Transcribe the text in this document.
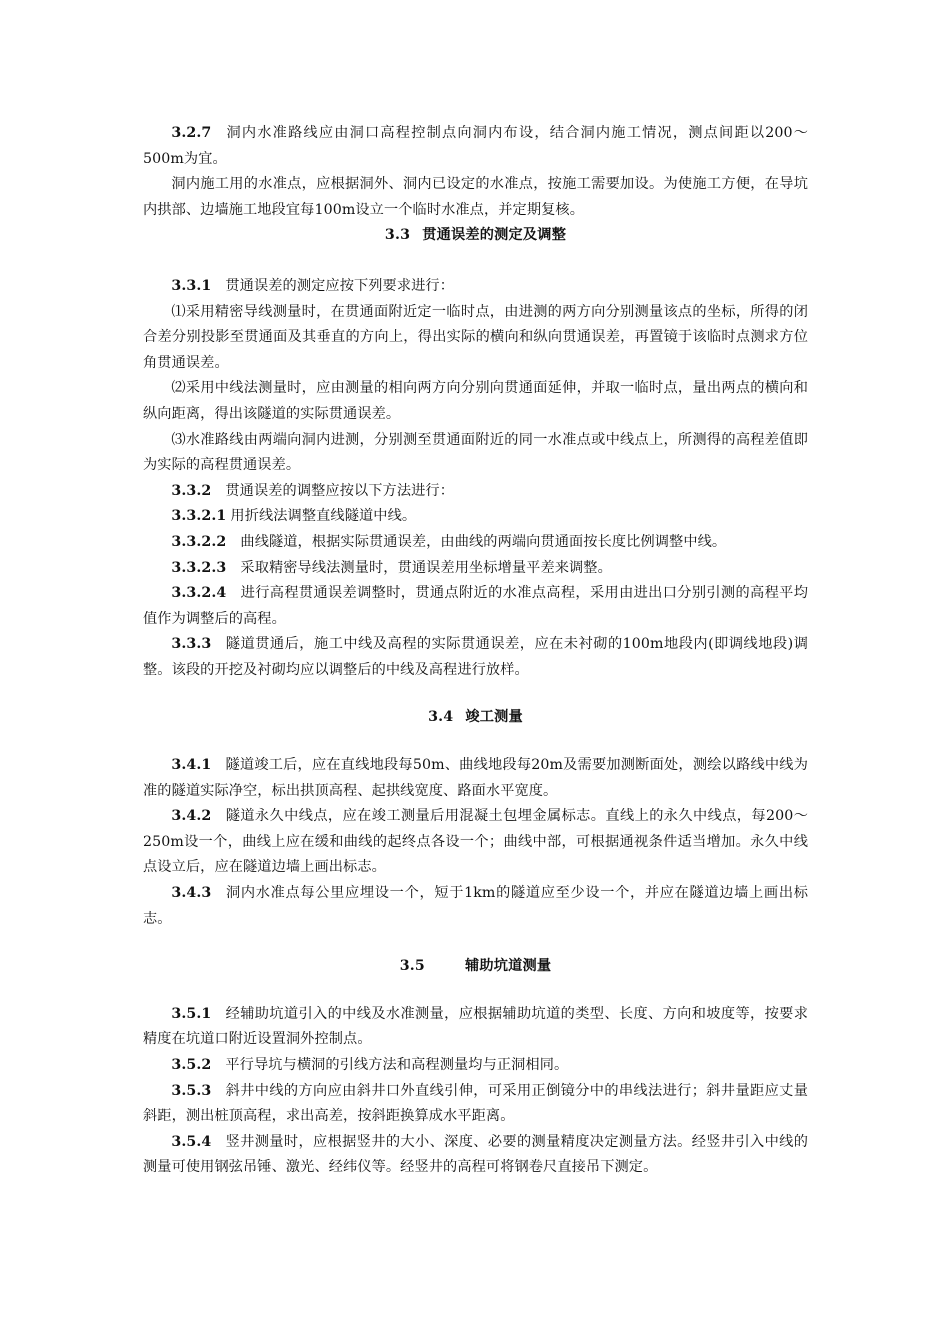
3.2.7 洞内水准路线应由洞口高程控制点向洞内布设，结合洞内施工情况，测点间距以200～500m为宜。

洞内施工用的水准点，应根据洞外、洞内已设定的水准点，按施工需要加设。为使施工方便，在导坑内拱部、边墙施工地段宜每100m设立一个临时水准点，并定期复核。

3.3 贯通误差的测定及调整

3.3.1 贯通误差的测定应按下列要求进行：

⑴采用精密导线测量时，在贯通面附近定一临时点，由进测的两方向分别测量该点的坐标，所得的闭合差分别投影至贯通面及其垂直的方向上，得出实际的横向和纵向贯通误差，再置镜于该临时点测求方位角贯通误差。

⑵采用中线法测量时，应由测量的相向两方向分别向贯通面延伸，并取一临时点，量出两点的横向和纵向距离，得出该隧道的实际贯通误差。

⑶水准路线由两端向洞内进测，分别测至贯通面附近的同一水准点或中线点上，所测得的高程差值即为实际的高程贯通误差。

3.3.2 贯通误差的调整应按以下方法进行：

3.3.2.1 用折线法调整直线隧道中线。

3.3.2.2 曲线隧道，根据实际贯通误差，由曲线的两端向贯通面按长度比例调整中线。

3.3.2.3 采取精密导线法测量时，贯通误差用坐标增量平差来调整。

3.3.2.4 进行高程贯通误差调整时，贯通点附近的水准点高程，采用由进出口分别引测的高程平均值作为调整后的高程。

3.3.3 隧道贯通后，施工中线及高程的实际贯通误差，应在未衬砌的100m地段内(即调线地段)调整。该段的开挖及衬砌均应以调整后的中线及高程进行放样。

3.4 竣工测量

3.4.1 隧道竣工后，应在直线地段每50m、曲线地段每20m及需要加测断面处，测绘以路线中线为准的隧道实际净空，标出拱顶高程、起拱线宽度、路面水平宽度。

3.4.2 隧道永久中线点，应在竣工测量后用混凝土包埋金属标志。直线上的永久中线点，每200～250m设一个，曲线上应在缓和曲线的起终点各设一个；曲线中部，可根据通视条件适当增加。永久中线点设立后，应在隧道边墙上画出标志。

3.4.3 洞内水准点每公里应埋设一个，短于1km的隧道应至少设一个，并应在隧道边墙上画出标志。

3.5	辅助坑道测量

3.5.1 经辅助坑道引入的中线及水准测量，应根据辅助坑道的类型、长度、方向和坡度等，按要求精度在坑道口附近设置洞外控制点。

3.5.2 平行导坑与横洞的引线方法和高程测量均与正洞相同。

3.5.3 斜井中线的方向应由斜井口外直线引伸，可采用正倒镜分中的串线法进行；斜井量距应丈量斜距，测出桩顶高程，求出高差，按斜距换算成水平距离。

3.5.4 竖井测量时，应根据竖井的大小、深度、必要的测量精度决定测量方法。经竖井引入中线的测量可使用钢弦吊锤、激光、经纬仪等。经竖井的高程可将钢卷尺直接吊下测定。
